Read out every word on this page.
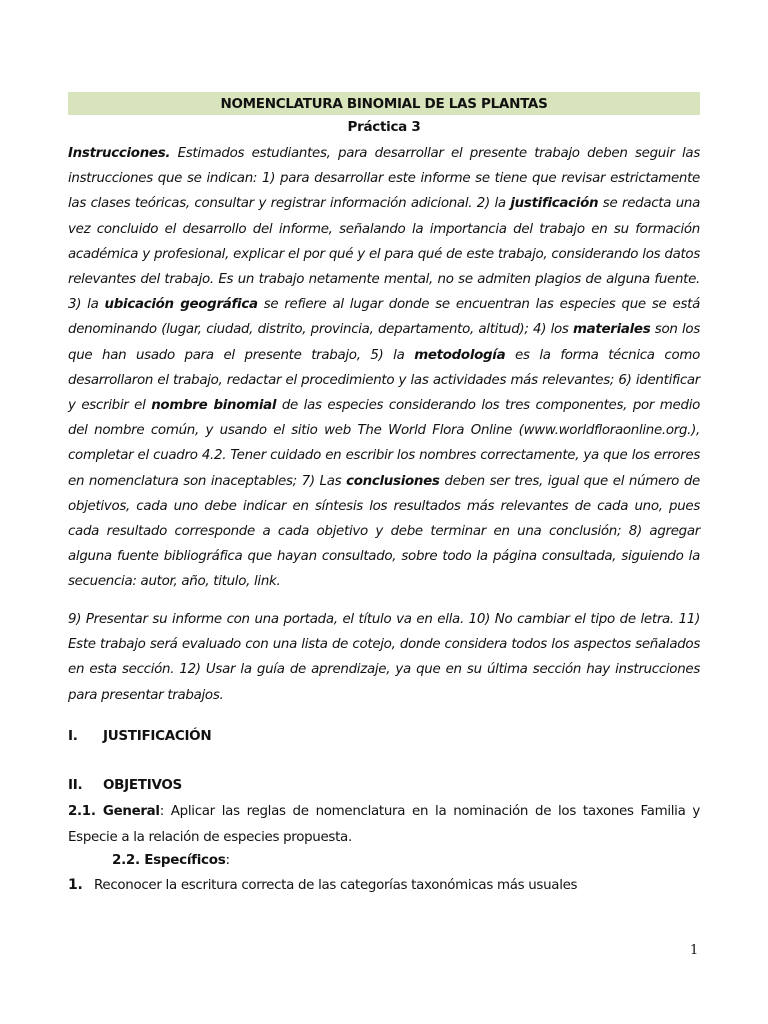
NOMENCLATURA BINOMIAL DE LAS PLANTAS
Práctica 3
Instrucciones. Estimados estudiantes, para desarrollar el presente trabajo deben seguir las instrucciones que se indican: 1) para desarrollar este informe se tiene que revisar estrictamente las clases teóricas, consultar y registrar información adicional. 2) la justificación se redacta una vez concluido el desarrollo del informe, señalando la importancia del trabajo en su formación académica y profesional, explicar el por qué y el para qué de este trabajo, considerando los datos relevantes del trabajo. Es un trabajo netamente mental, no se admiten plagios de alguna fuente. 3) la ubicación geográfica se refiere al lugar donde se encuentran las especies que se está denominando (lugar, ciudad, distrito, provincia, departamento, altitud); 4) los materiales son los que han usado para el presente trabajo, 5) la metodología es la forma técnica como desarrollaron el trabajo, redactar el procedimiento y las actividades más relevantes; 6) identificar y escribir el nombre binomial de las especies considerando los tres componentes, por medio del nombre común, y usando el sitio web The World Flora Online (www.worldfloraonline.org.), completar el cuadro 4.2. Tener cuidado en escribir los nombres correctamente, ya que los errores en nomenclatura son inaceptables; 7) Las conclusiones deben ser tres, igual que el número de objetivos, cada uno debe indicar en síntesis los resultados más relevantes de cada uno, pues cada resultado corresponde a cada objetivo y debe terminar en una conclusión; 8) agregar alguna fuente bibliográfica que hayan consultado, sobre todo la página consultada, siguiendo la secuencia: autor, año, titulo, link.
9) Presentar su informe con una portada, el título va en ella. 10) No cambiar el tipo de letra. 11) Este trabajo será evaluado con una lista de cotejo, donde considera todos los aspectos señalados en esta sección. 12) Usar la guía de aprendizaje, ya que en su última sección hay instrucciones para presentar trabajos.
I. JUSTIFICACIÓN
II. OBJETIVOS
2.1. General: Aplicar las reglas de nomenclatura en la nominación de los taxones Familia y Especie a la relación de especies propuesta.
2.2. Específicos:
1. Reconocer la escritura correcta de las categorías taxonómicas más usuales
1
